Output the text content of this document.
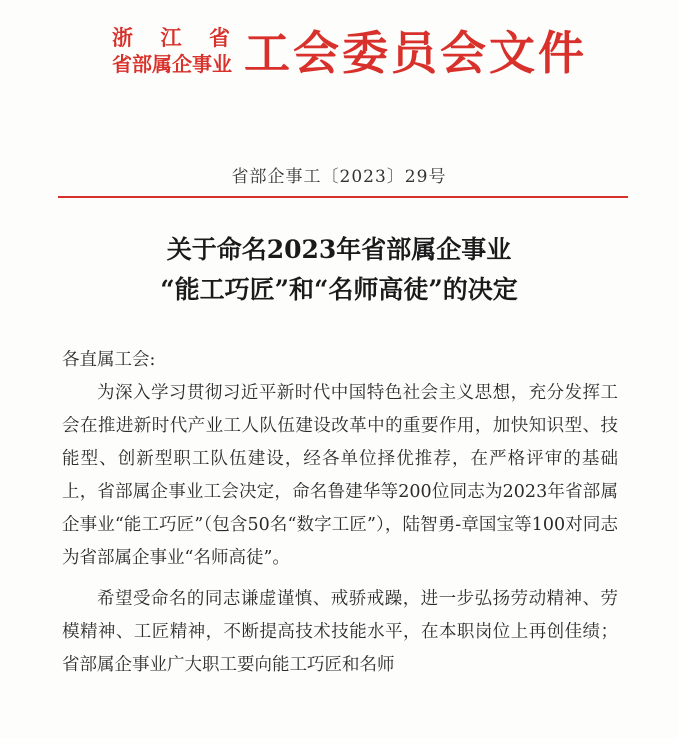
浙 江 省
省部属企事业 工会委员会文件
省部企事工〔2023〕29号
关于命名2023年省部属企事业
“能工巧匠”和“名师高徒”的决定

各直属工会:

为深入学习贯彻习近平新时代中国特色社会主义思想，充分发挥工会在推进新时代产业工人队伍建设改革中的重要作用，加快知识型、技能型、创新型职工队伍建设，经各单位择优推荐，在严格评审的基础上，省部属企事业工会决定，命名鲁建华等200位同志为2023年省部属企事业“能工巧匠”（包含50名“数字工匠”），陆智勇-章国宝等100对同志为省部属企事业“名师高徒”。

希望受命名的同志谦虚谨慎、戒骄戒躁，进一步弘扬劳动精神、劳模精神、工匠精神，不断提高技术技能水平，在本职岗位上再创佳绩；省部属企事业广大职工要向能工巧匠和名师
